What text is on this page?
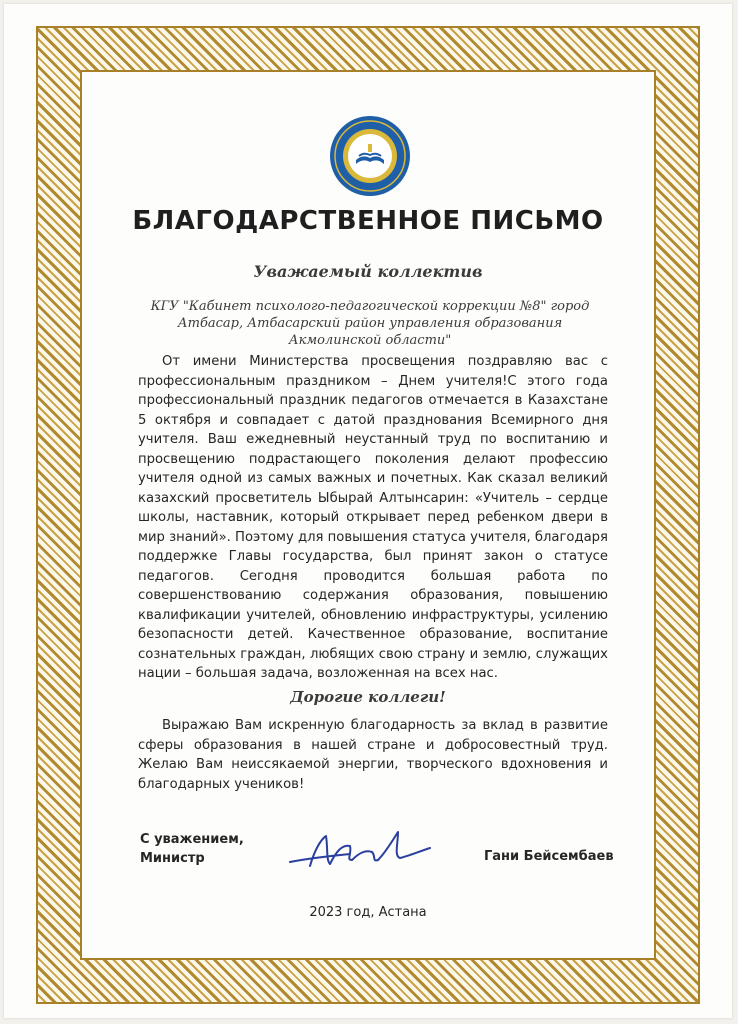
БЛАГОДАРСТВЕННОЕ ПИСЬМО
Уважаемый коллектив
КГУ "Кабинет психолого-педагогической коррекции №8" город Атбасар, Атбасарский район управления образования Акмолинской области"

От имени Министерства просвещения поздравляю вас с профессиональным праздником – Днем учителя!С этого года профессиональный праздник педагогов отмечается в Казахстане 5 октября и совпадает с датой празднования Всемирного дня учителя. Ваш ежедневный неустанный труд по воспитанию и просвещению подрастающего поколения делают профессию учителя одной из самых важных и почетных. Как сказал великий казахский просветитель Ыбырай Алтынсарин: «Учитель – сердце школы, наставник, который открывает перед ребенком двери в мир знаний». Поэтому для повышения статуса учителя, благодаря поддержке Главы государства, был принят закон о статусе педагогов. Сегодня проводится большая работа по совершенствованию содержания образования, повышению квалификации учителей, обновлению инфраструктуры, усилению безопасности детей. Качественное образование, воспитание сознательных граждан, любящих свою страну и землю, служащих нации – большая задача, возложенная на всех нас.

Дорогие коллеги!

Выражаю Вам искренную благодарность за вклад в развитие сферы образования в нашей стране и добросовестный труд. Желаю Вам неиссякаемой энергии, творческого вдохновения и благодарных учеников!

С уважением,
Министр	Гани Бейсембаев
2023 год, Астана
